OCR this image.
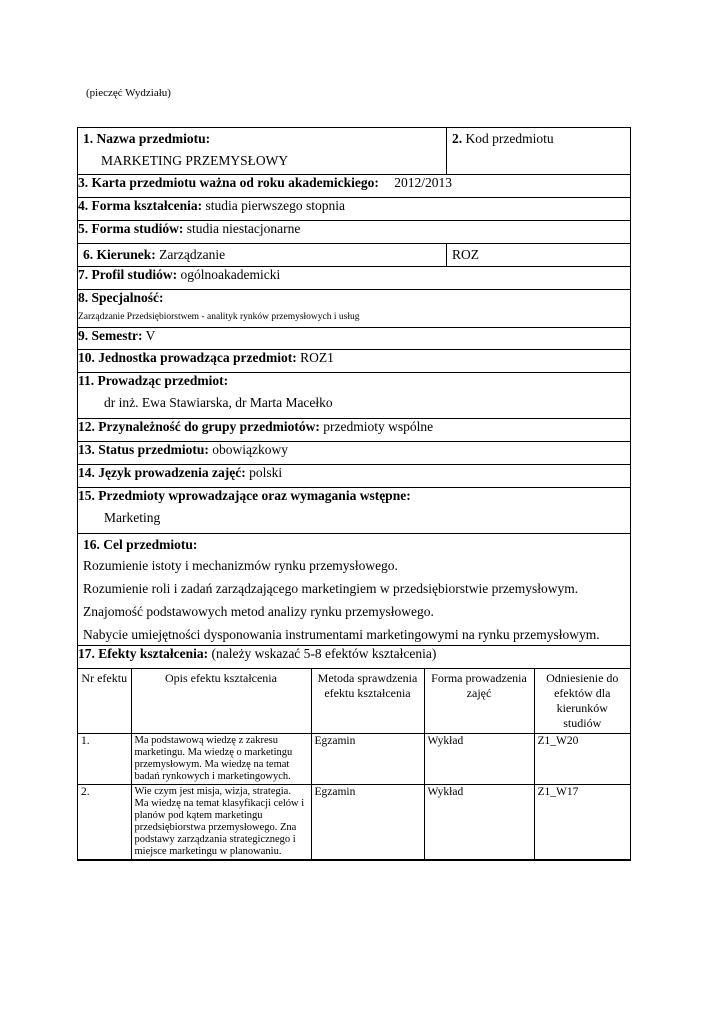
(pieczęć Wydziału)
1. Nazwa przedmiotu:
MARKETING PRZEMYSŁOWY
2. Kod przedmiotu
3. Karta przedmiotu ważna od roku akademickiego: 2012/2013
4. Forma kształcenia: studia pierwszego stopnia
5. Forma studiów: studia niestacjonarne
6. Kierunek: Zarządzanie	ROZ
7. Profil studiów: ogólnoakademicki
8. Specjalność:
Zarządzanie Przedsiębiorstwem - analityk rynków przemysłowych i usług
9. Semestr: V
10. Jednostka prowadząca przedmiot: ROZ1
11. Prowadząc przedmiot:
dr inż. Ewa Stawiarska, dr Marta Macełko
12. Przynależność do grupy przedmiotów: przedmioty wspólne
13. Status przedmiotu: obowiązkowy
14. Język prowadzenia zajęć: polski
15. Przedmioty wprowadzające oraz wymagania wstępne:
Marketing
16. Cel przedmiotu:
Rozumienie istoty i mechanizmów rynku przemysłowego.
Rozumienie roli i zadań zarządzającego marketingiem w przedsiębiorstwie przemysłowym.
Znajomość podstawowych metod analizy rynku przemysłowego.
Nabycie umiejętności dysponowania instrumentami marketingowymi na rynku przemysłowym.
17. Efekty kształcenia: (należy wskazać 5-8 efektów kształcenia)
Nr efektu	Opis efektu kształcenia	Metoda sprawdzenia efektu kształcenia	Forma prowadzenia zajęć	Odniesienie do efektów dla kierunków studiów
1.	Ma podstawową wiedzę z zakresu marketingu. Ma wiedzę o marketingu przemysłowym. Ma wiedzę na temat badań rynkowych i marketingowych.	Egzamin	Wykład	Z1_W20
2.	Wie czym jest misja, wizja, strategia. Ma wiedzę na temat klasyfikacji celów i planów pod kątem marketingu przedsiębiorstwa przemysłowego. Zna podstawy zarządzania strategicznego i miejsce marketingu w planowaniu.	Egzamin	Wykład	Z1_W17
